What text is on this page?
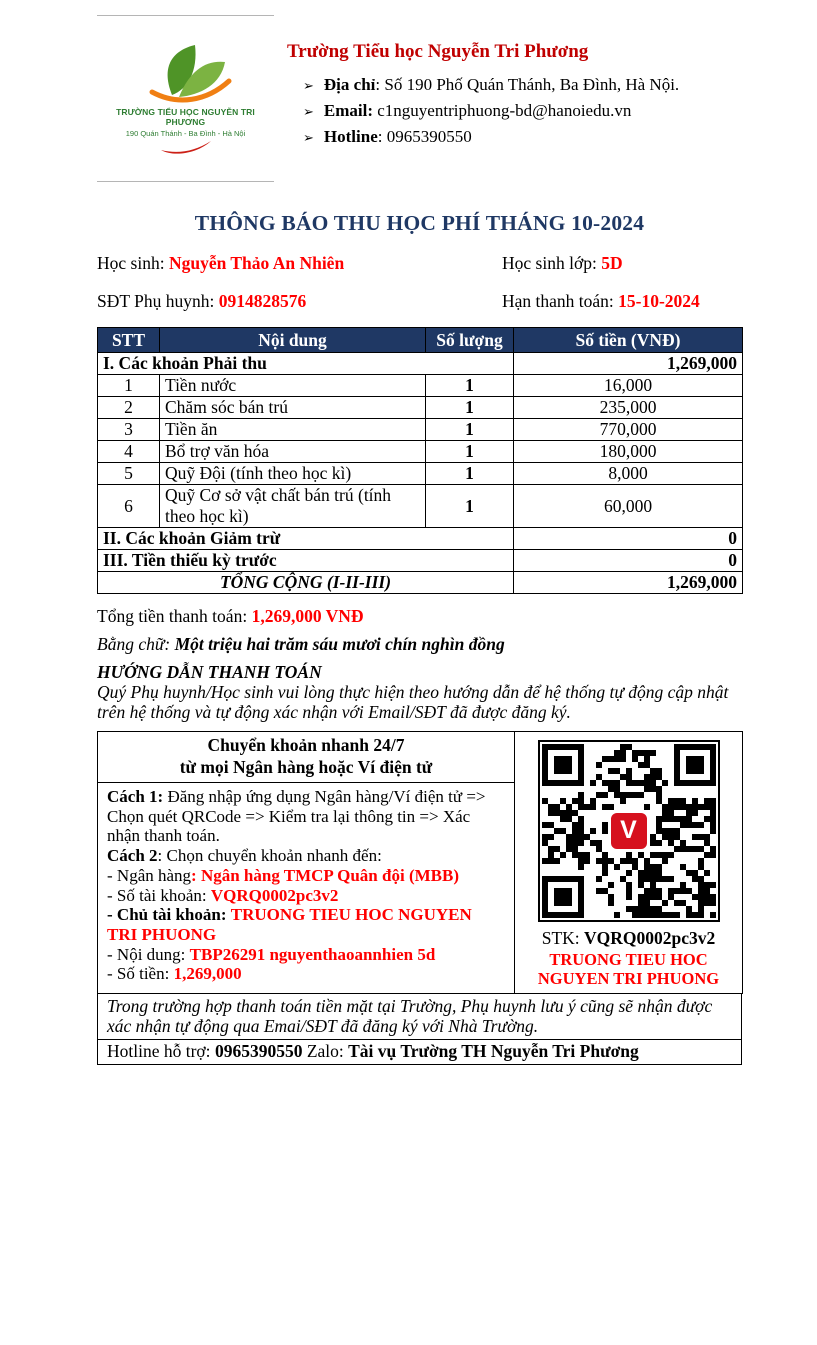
TRƯỜNG TIỂU HỌC NGUYỄN TRI PHƯƠNG
190 Quán Thánh - Ba Đình - Hà Nội
Trường Tiểu học Nguyễn Tri Phương
➢ Địa chỉ: Số 190 Phố Quán Thánh, Ba Đình, Hà Nội.
➢ Email: c1nguyentriphuong-bd@hanoiedu.vn
➢ Hotline: 0965390550
THÔNG BÁO THU HỌC PHÍ THÁNG 10-2024
Học sinh: Nguyễn Thảo An Nhiên	Học sinh lớp: 5D
SĐT Phụ huynh: 0914828576	Hạn thanh toán: 15-10-2024
STT	Nội dung	Số lượng	Số tiền (VNĐ)
I. Các khoản Phải thu			1,269,000
1	Tiền nước	1	16,000
2	Chăm sóc bán trú	1	235,000
3	Tiền ăn	1	770,000
4	Bổ trợ văn hóa	1	180,000
5	Quỹ Đội (tính theo học kì)	1	8,000
6	Quỹ Cơ sở vật chất bán trú (tính theo học kì)	1	60,000
II. Các khoản Giảm trừ			0
III. Tiền thiếu kỳ trước			0
TỔNG CỘNG (I-II-III)			1,269,000
Tổng tiền thanh toán: 1,269,000 VNĐ
Bằng chữ: Một triệu hai trăm sáu mươi chín nghìn đồng
HƯỚNG DẪN THANH TOÁN
Quý Phụ huynh/Học sinh vui lòng thực hiện theo hướng dẫn để hệ thống tự động cập nhật trên hệ thống và tự động xác nhận với Email/SĐT đã được đăng ký.
Chuyển khoản nhanh 24/7
từ mọi Ngân hàng hoặc Ví điện tử

V
STK: VQRQ0002pc3v2
TRUONG TIEU HOC NGUYEN TRI PHUONG

Cách 1: Đăng nhập ứng dụng Ngân hàng/Ví điện tử => Chọn quét QRCode => Kiểm tra lại thông tin => Xác nhận thanh toán.
Cách 2: Chọn chuyển khoản nhanh đến:
- Ngân hàng: Ngân hàng TMCP Quân đội (MBB)
- Số tài khoản: VQRQ0002pc3v2
- Chủ tài khoản: TRUONG TIEU HOC NGUYEN TRI PHUONG
- Nội dung: TBP26291 nguyenthaoannhien 5d
- Số tiền: 1,269,000
Trong trường hợp thanh toán tiền mặt tại Trường, Phụ huynh lưu ý cũng sẽ nhận được xác nhận tự động qua Emai/SĐT đã đăng ký với Nhà Trường.
Hotline hỗ trợ: 0965390550 Zalo: Tài vụ Trường TH Nguyễn Tri Phương
